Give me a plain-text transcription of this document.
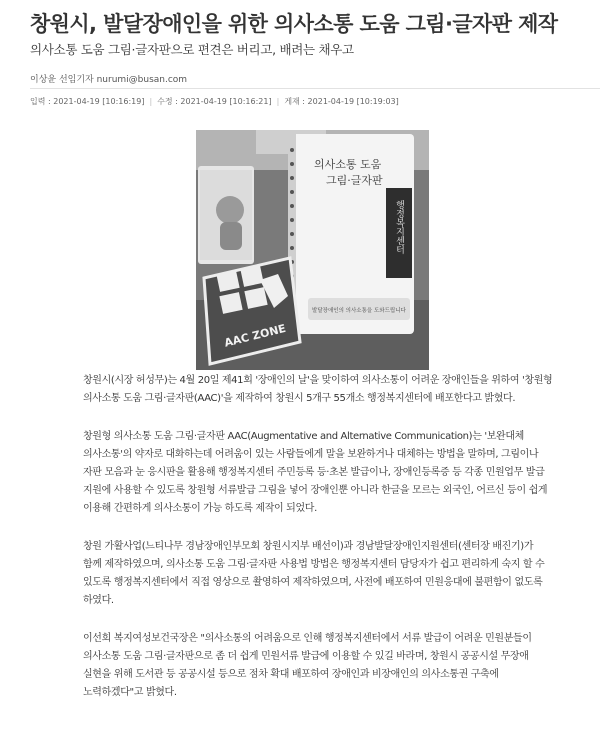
창원시, 발달장애인을 위한 의사소통 도움 그림·글자판 제작
의사소통 도움 그림·글자판으로 편견은 버리고, 배려는 채우고
이상윤 선임기자 nurumi@busan.com
입력 : 2021-04-19 [10:16:19] | 수정 : 2021-04-19 [10:16:21] | 게재 : 2021-04-19 [10:19:03]
의사소통 도움
그림·글자판
행정복지센터
발달장애인의 의사소통을 도와드립니다
AAC ZONE

창원시(시장 허성무)는 4월 20일 제41회 '장애인의 날'을 맞이하여 의사소통이 어려운 장애인들을 위하여 '창원형 의사소통 도움 그림·글자판(AAC)'을 제작하여 창원시 5개구 55개소 행정복지센터에 배포한다고 밝혔다.

창원형 의사소통 도움 그림·글자판 AAC(Augmentative and Alternative Communication)는 '보완대체 의사소통'의 약자로 대화하는데 어려움이 있는 사람들에게 말을 보완하거나 대체하는 방법을 말하며, 그림이나 자판 모음과 눈 응시판을 활용해 행정복지센터 주민등록 등·초본 발급이나, 장애인등록증 등 각종 민원업무 발급 지원에 사용할 수 있도록 창원형 서류발급 그림을 넣어 장애인뿐 아니라 한글을 모르는 외국인, 어르신 등이 쉽게 이용해 간편하게 의사소통이 가능 하도록 제작이 되었다.

창원 가활사업(느티나무 경남장애인부모회 창원시지부 배선이)과 경남발달장애인지원센터(센터장 배진기)가 함께 제작하였으며, 의사소통 도움 그림·글자판 사용법 방법은 행정복지센터 담당자가 쉽고 편리하게 숙지 할 수 있도록 행정복지센터에서 직접 영상으로 촬영하여 제작하였으며, 사전에 배포하여 민원응대에 불편함이 없도록 하였다.

이선희 복지여성보건국장은 "의사소통의 어려움으로 인해 행정복지센터에서 서류 발급이 어려운 민원분들이 의사소통 도움 그림·글자판으로 좀 더 쉽게 민원서류 발급에 이용할 수 있길 바라며, 창원시 공공시설 무장애 실현을 위해 도서관 등 공공시설 등으로 점차 확대 배포하여 장애인과 비장애인의 의사소통권 구축에 노력하겠다"고 밝혔다.
